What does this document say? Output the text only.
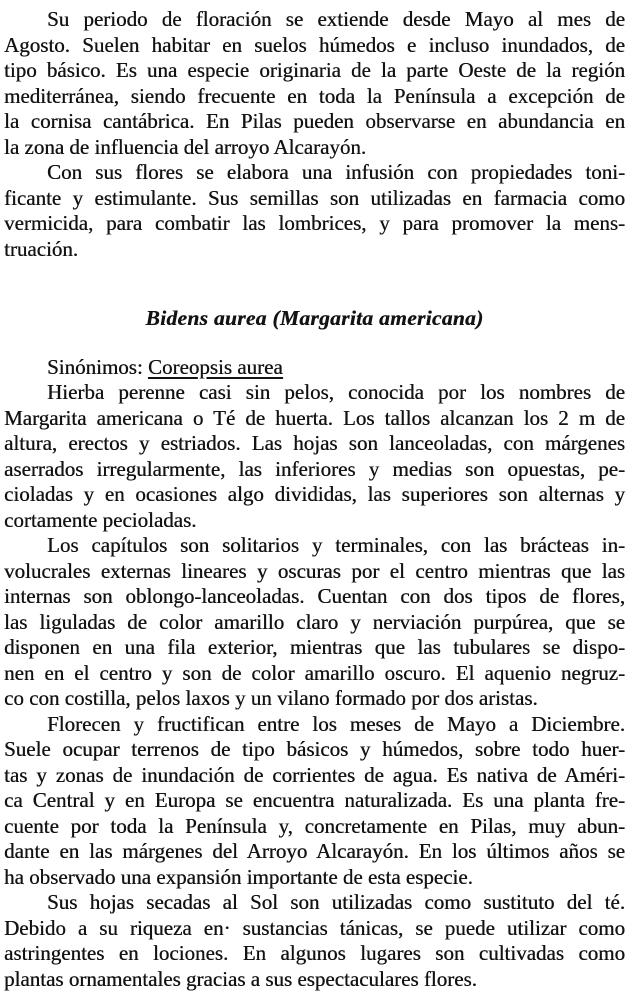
Su periodo de floración se extiende desde Mayo al mes de
Agosto. Suelen habitar en suelos húmedos e incluso inundados, de
tipo básico. Es una especie originaria de la parte Oeste de la región
mediterránea, siendo frecuente en toda la Península a excepción de
la cornisa cantábrica. En Pilas pueden observarse en abundancia en
la zona de influencia del arroyo Alcarayón.
Con sus flores se elabora una infusión con propiedades toni-
ficante y estimulante. Sus semillas son utilizadas en farmacia como
vermicida, para combatir las lombrices, y para promover la mens-
truación.
Bidens aurea (Margarita americana)
Sinónimos: Coreopsis aurea
Hierba perenne casi sin pelos, conocida por los nombres de
Margarita americana o Té de huerta. Los tallos alcanzan los 2 m de
altura, erectos y estriados. Las hojas son lanceoladas, con márgenes
aserrados irregularmente, las inferiores y medias son opuestas, pe-
cioladas y en ocasiones algo divididas, las superiores son alternas y
cortamente pecioladas.
Los capítulos son solitarios y terminales, con las brácteas in-
volucrales externas lineares y oscuras por el centro mientras que las
internas son oblongo-lanceoladas. Cuentan con dos tipos de flores,
las liguladas de color amarillo claro y nerviación purpúrea, que se
disponen en una fila exterior, mientras que las tubulares se dispo-
nen en el centro y son de color amarillo oscuro. El aquenio negruz-
co con costilla, pelos laxos y un vilano formado por dos aristas.
Florecen y fructifican entre los meses de Mayo a Diciembre.
Suele ocupar terrenos de tipo básicos y húmedos, sobre todo huer-
tas y zonas de inundación de corrientes de agua. Es nativa de Améri-
ca Central y en Europa se encuentra naturalizada. Es una planta fre-
cuente por toda la Península y, concretamente en Pilas, muy abun-
dante en las márgenes del Arroyo Alcarayón. En los últimos años se
ha observado una expansión importante de esta especie.
Sus hojas secadas al Sol son utilizadas como sustituto del té.
Debido a su riqueza en· sustancias tánicas, se puede utilizar como
astringentes en lociones. En algunos lugares son cultivadas como
plantas ornamentales gracias a sus espectaculares flores.
